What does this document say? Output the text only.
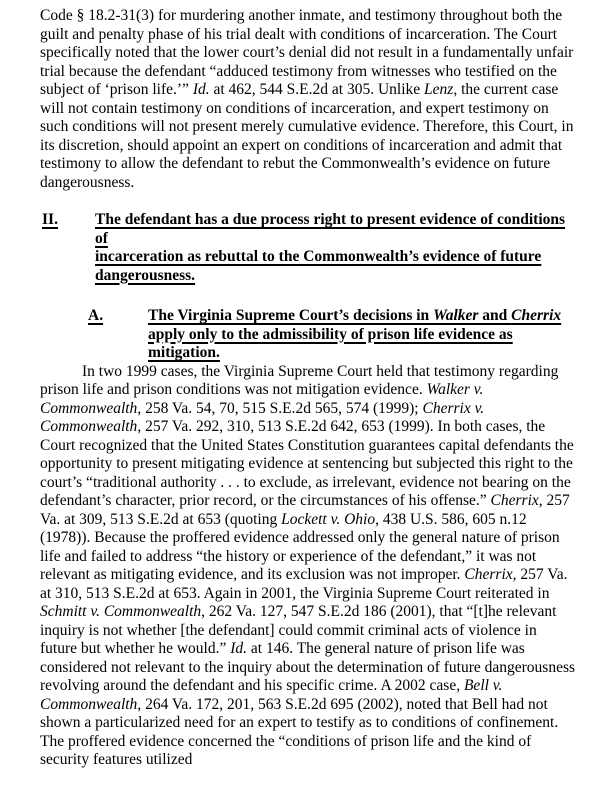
Code § 18.2-31(3) for murdering another inmate, and testimony throughout both the guilt and penalty phase of his trial dealt with conditions of incarceration. The Court specifically noted that the lower court’s denial did not result in a fundamentally unfair trial because the defendant “adduced testimony from witnesses who testified on the subject of ‘prison life.’” Id. at 462, 544 S.E.2d at 305. Unlike Lenz, the current case will not contain testimony on conditions of incarceration, and expert testimony on such conditions will not present merely cumulative evidence. Therefore, this Court, in its discretion, should appoint an expert on conditions of incarceration and admit that testimony to allow the defendant to rebut the Commonwealth’s evidence on future dangerousness.

II.	The defendant has a due process right to present evidence of conditions of
incarceration as rebuttal to the Commonwealth’s evidence of future
dangerousness.
A.	The Virginia Supreme Court’s decisions in Walker and Cherrix
apply only to the admissibility of prison life evidence as
mitigation.

In two 1999 cases, the Virginia Supreme Court held that testimony regarding prison life and prison conditions was not mitigation evidence. Walker v. Commonwealth, 258 Va. 54, 70, 515 S.E.2d 565, 574 (1999); Cherrix v. Commonwealth, 257 Va. 292, 310, 513 S.E.2d 642, 653 (1999). In both cases, the Court recognized that the United States Constitution guarantees capital defendants the opportunity to present mitigating evidence at sentencing but subjected this right to the court’s “traditional authority . . . to exclude, as irrelevant, evidence not bearing on the defendant’s character, prior record, or the circumstances of his offense.” Cherrix, 257 Va. at 309, 513 S.E.2d at 653 (quoting Lockett v. Ohio, 438 U.S. 586, 605 n.12 (1978)). Because the proffered evidence addressed only the general nature of prison life and failed to address “the history or experience of the defendant,” it was not relevant as mitigating evidence, and its exclusion was not improper. Cherrix, 257 Va. at 310, 513 S.E.2d at 653. Again in 2001, the Virginia Supreme Court reiterated in Schmitt v. Commonwealth, 262 Va. 127, 547 S.E.2d 186 (2001), that “[t]he relevant inquiry is not whether [the defendant] could commit criminal acts of violence in future but whether he would.” Id. at 146. The general nature of prison life was considered not relevant to the inquiry about the determination of future dangerousness revolving around the defendant and his specific crime. A 2002 case, Bell v. Commonwealth, 264 Va. 172, 201, 563 S.E.2d 695 (2002), noted that Bell had not shown a particularized need for an expert to testify as to conditions of confinement. The proffered evidence concerned the “conditions of prison life and the kind of security features utilized
